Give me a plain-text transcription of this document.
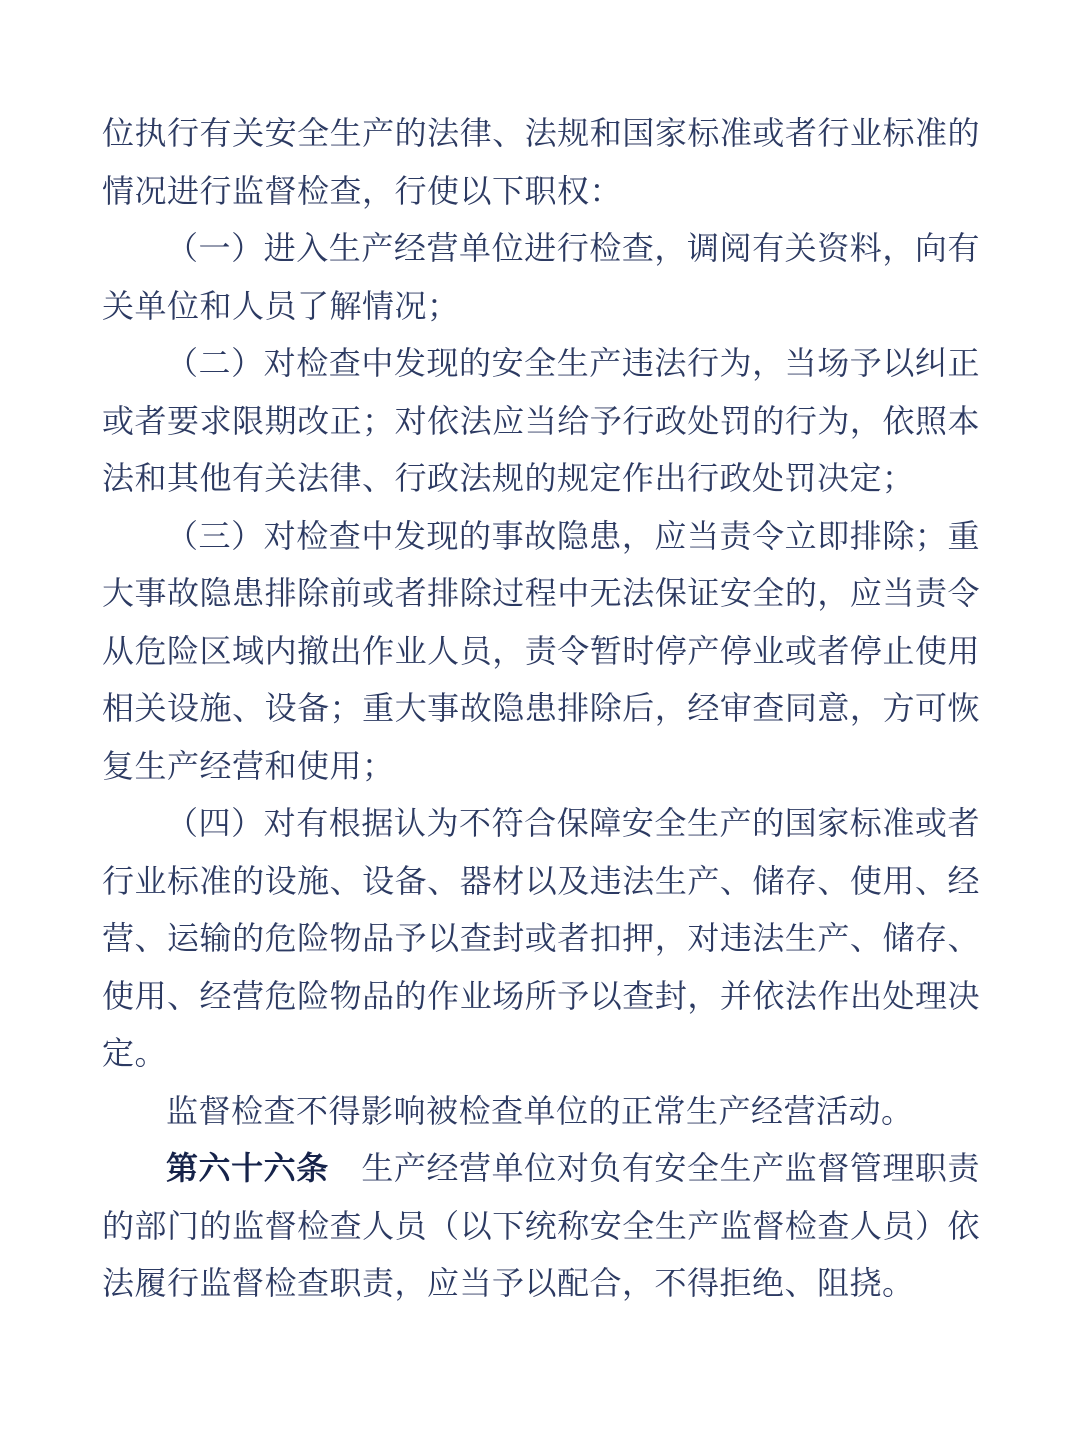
位执行有关安全生产的法律、法规和国家标准或者行业标准的情况进行监督检查，行使以下职权：

（一）进入生产经营单位进行检查，调阅有关资料，向有关单位和人员了解情况；

（二）对检查中发现的安全生产违法行为，当场予以纠正或者要求限期改正；对依法应当给予行政处罚的行为，依照本法和其他有关法律、行政法规的规定作出行政处罚决定；

（三）对检查中发现的事故隐患，应当责令立即排除；重大事故隐患排除前或者排除过程中无法保证安全的，应当责令从危险区域内撤出作业人员，责令暂时停产停业或者停止使用相关设施、设备；重大事故隐患排除后，经审查同意，方可恢复生产经营和使用；

（四）对有根据认为不符合保障安全生产的国家标准或者行业标准的设施、设备、器材以及违法生产、储存、使用、经营、运输的危险物品予以查封或者扣押，对违法生产、储存、使用、经营危险物品的作业场所予以查封，并依法作出处理决定。

监督检查不得影响被检查单位的正常生产经营活动。

第六十六条　生产经营单位对负有安全生产监督管理职责的部门的监督检查人员（以下统称安全生产监督检查人员）依法履行监督检查职责，应当予以配合，不得拒绝、阻挠。
